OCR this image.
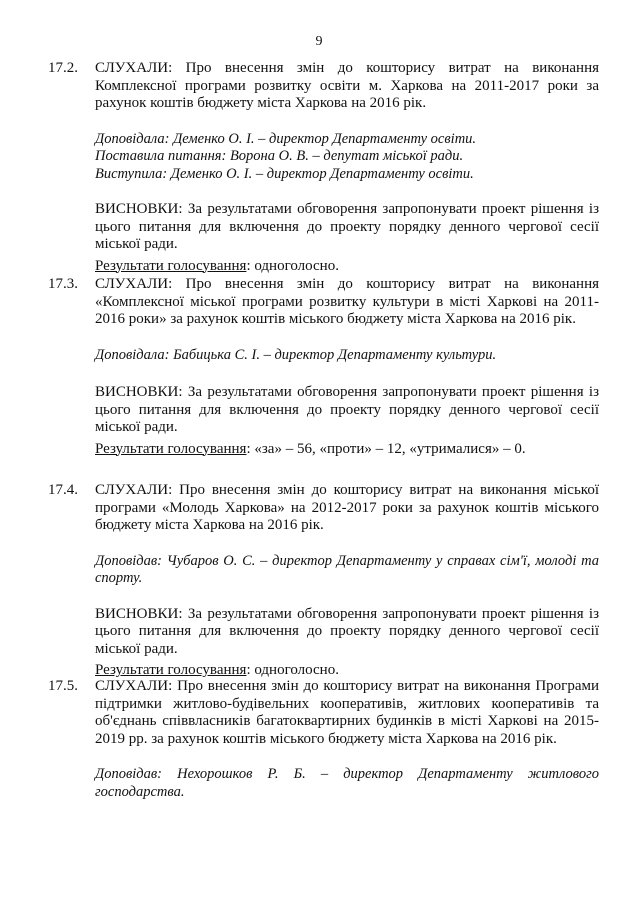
9
17.2. СЛУХАЛИ: Про внесення змін до кошторису витрат на виконання Комплексної програми розвитку освіти м. Харкова на 2011-2017 роки за рахунок коштів бюджету міста Харкова на 2016 рік.

Доповідала: Деменко О. І. – директор Департаменту освіти.

Поставила питання: Ворона О. В. – депутат міської ради.

Виступила: Деменко О. І. – директор Департаменту освіти.

ВИСНОВКИ: За результатами обговорення запропонувати проект рішення із цього питання для включення до проекту порядку денного чергової сесії міської ради.

Результати голосування: одноголосно.

17.3. СЛУХАЛИ: Про внесення змін до кошторису витрат на виконання «Комплексної міської програми розвитку культури в місті Харкові на 2011-2016 роки» за рахунок коштів міського бюджету міста Харкова на 2016 рік.

Доповідала: Бабицька С. І. – директор Департаменту культури.

ВИСНОВКИ: За результатами обговорення запропонувати проект рішення із цього питання для включення до проекту порядку денного чергової сесії міської ради.

Результати голосування: «за» – 56, «проти» – 12, «утрималися» – 0.

17.4. СЛУХАЛИ: Про внесення змін до кошторису витрат на виконання міської програми «Молодь Харкова» на 2012-2017 роки за рахунок коштів міського бюджету міста Харкова на 2016 рік.

Доповідав: Чубаров О. С. – директор Департаменту у справах сім'ї, молоді та спорту.

ВИСНОВКИ: За результатами обговорення запропонувати проект рішення із цього питання для включення до проекту порядку денного чергової сесії міської ради.

Результати голосування: одноголосно.

17.5. СЛУХАЛИ: Про внесення змін до кошторису витрат на виконання Програми підтримки житлово-будівельних кооперативів, житлових кооперативів та об'єднань співвласників багатоквартирних будинків в місті Харкові на 2015-2019 рр. за рахунок коштів міського бюджету міста Харкова на 2016 рік.

Доповідав: Нехорошков Р. Б. – директор Департаменту житлового господарства.
